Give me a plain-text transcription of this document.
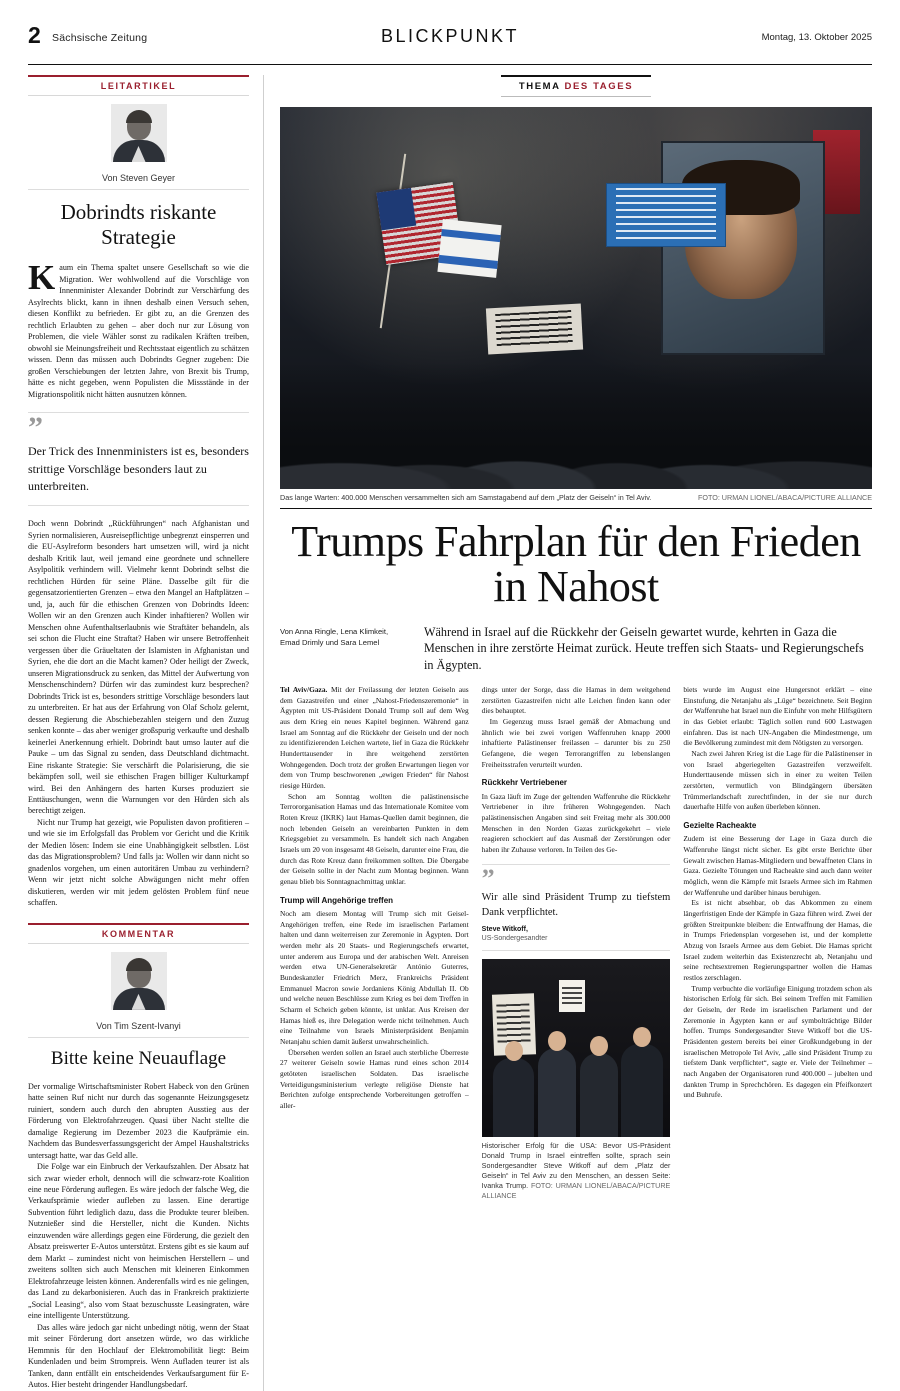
2 Sächsische Zeitung	BLICKPUNKT	Montag, 13. Oktober 2025
LEITARTIKEL
Von Steven Geyer
Dobrindts riskante Strategie

Kaum ein Thema spaltet unsere Gesellschaft so wie die Migration. Wer wohlwollend auf die Vorschläge von Innenminister Alexander Dobrindt zur Verschärfung des Asylrechts blickt, kann in ihnen deshalb einen Versuch sehen, diesen Konflikt zu befrieden. Er gibt zu, an die Grenzen des rechtlich Erlaubten zu gehen – aber doch nur zur Lösung von Problemen, die viele Wähler sonst zu radikalen Kräften treiben, obwohl sie Meinungsfreiheit und Rechtsstaat eigentlich zu schätzen wissen. Denn das müssen auch Dobrindts Gegner zugeben: Die großen Verschiebungen der letzten Jahre, von Brexit bis Trump, hätte es nicht gegeben, wenn Populisten die Missstände in der Migrationspolitik nicht hätten ausnutzen können.

”
Der Trick des Innenministers ist es, besonders strittige Vorschläge besonders laut zu unterbreiten.

Doch wenn Dobrindt „Rückführungen“ nach Afghanistan und Syrien normalisieren, Ausreisepflichtige unbegrenzt einsperren und die EU-Asylreform besonders hart umsetzen will, wird ja nicht deshalb Kritik laut, weil jemand eine geordnete und schnellere Asylpolitik verhindern will. Vielmehr kennt Dobrindt selbst die rechtlichen Hürden für seine Pläne. Dasselbe gilt für die gegensatzorientierten Grenzen – etwa den Mangel an Haftplätzen – und, ja, auch für die ethischen Grenzen von Dobrindts Ideen: Wollen wir an den Grenzen auch Kinder inhaftieren? Wollen wir Menschen ohne Aufenthaltserlaubnis wie Straftäter behandeln, als sei schon die Flucht eine Straftat? Haben wir unsere Betroffenheit vergessen über die Gräueltaten der Islamisten in Afghanistan und Syrien, ehe die dort an die Macht kamen? Oder heiligt der Zweck, unseren Migrationsdruck zu senken, das Mittel der Aufwertung von Menschenschindern? Dürfen wir das zumindest kurz besprechen? Dobrindts Trick ist es, besonders strittige Vorschläge besonders laut zu unterbreiten. Er hat aus der Erfahrung von Olaf Scholz gelernt, dessen Regierung die Abschiebezahlen steigern und den Zuzug senken konnte – das aber weniger großspurig verkaufte und deshalb keinerlei Anerkennung erhielt. Dobrindt baut umso lauter auf die Pauke – um das Signal zu senden, dass Deutschland dichtmacht. Eine riskante Strategie: Sie verschärft die Polarisierung, die sie bekämpfen soll, weil sie ethischen Fragen billiger Kulturkampf wird. Bei den Anhängern des harten Kurses produziert sie Enttäuschungen, wenn die Warnungen vor den Hürden sich als berechtigt zeigen.

Nicht nur Trump hat gezeigt, wie Populisten davon profitieren – und wie sie im Erfolgsfall das Problem vor Gericht und die Kritik der Medien lösen: Indem sie eine Unabhängigkeit selbstlen. Löst das das Migrationsproblem? Und falls ja: Wollen wir dann nicht so gnadenlos vorgehen, um einen autoritären Umbau zu verhindern? Wenn wir jetzt nicht solche Abwägungen nicht mehr offen diskutieren, werden wir mit jedem gelösten Problem fünf neue schaffen.

KOMMENTAR
Von Tim Szent-Ivanyi
Bitte keine Neuauflage

Der vormalige Wirtschaftsminister Robert Habeck von den Grünen hatte seinen Ruf nicht nur durch das sogenannte Heizungsgesetz ruiniert, sondern auch durch den abrupten Ausstieg aus der Förderung von Elektrofahrzeugen. Quasi über Nacht stellte die damalige Regierung im Dezember 2023 die Kaufprämie ein. Nachdem das Bundesverfassungsgericht der Ampel Haushaltstricks untersagt hatte, war das Geld alle.

Die Folge war ein Einbruch der Verkaufszahlen. Der Absatz hat sich zwar wieder erholt, dennoch will die schwarz-rote Koalition eine neue Förderung auflegen. Es wäre jedoch der falsche Weg, die Verkaufsprämie wieder aufleben zu lassen. Eine derartige Subvention führt lediglich dazu, dass die Produkte teurer bleiben. Nutznießer sind die Hersteller, nicht die Kunden. Nichts einzuwenden wäre allerdings gegen eine Förderung, die gezielt den Absatz preiswerter E-Autos unterstützt. Erstens gibt es sie kaum auf dem Markt – zumindest nicht von heimischen Herstellern – und zweitens sollten sich auch Menschen mit kleineren Einkommen Elektrofahrzeuge leisten können. Anderenfalls wird es nie gelingen, das Land zu dekarbonisieren. Auch das in Frankreich praktizierte „Social Leasing“, also vom Staat bezuschusste Leasingraten, wäre eine intelligente Unterstützung.

Das alles wäre jedoch gar nicht unbedingt nötig, wenn der Staat mit seiner Förderung dort ansetzen würde, wo das wirkliche Hemmnis für den Hochlauf der Elektromobilität liegt: Beim Kundenladen und beim Strompreis. Wenn Aufladen teurer ist als Tanken, dann entfällt ein entscheidendes Verkaufsargument für E-Autos. Hier besteht dringender Handlungsbedarf.

THEMA DES TAGES
Das lange Warten: 400.000 Menschen versammelten sich am Samstagabend auf dem „Platz der Geiseln“ in Tel Aviv.	FOTO: URMAN LIONEL/ABACA/PICTURE ALLIANCE
Trumps Fahrplan für den Frieden in Nahost
Von Anna Ringle, Lena Klimkeit, Emad Drimly und Sara Lemel
Während in Israel auf die Rückkehr der Geiseln gewartet wurde, kehrten in Gaza die Menschen in ihre zerstörte Heimat zurück. Heute treffen sich Staats- und Regierungschefs in Ägypten.

Tel Aviv/Gaza. Mit der Freilassung der letzten Geiseln aus dem Gazastreifen und einer „Nahost-Friedenszeremonie“ in Ägypten mit US-Präsident Donald Trump soll auf dem Weg aus dem Krieg ein neues Kapitel beginnen. Während ganz Israel am Sonntag auf die Rückkehr der Geiseln und der noch zu identifizierenden Leichen wartete, lief in Gaza die Rückkehr Hunderttausender in ihre weitgehend zerstörten Wohngegenden. Doch trotz der großen Erwartungen liegen vor dem von Trump beschworenen „ewigen Frieden“ für Nahost riesige Hürden.

Schon am Sonntag wollten die palästinensische Terrororganisation Hamas und das Internationale Komitee vom Roten Kreuz (IKRK) laut Hamas-Quellen damit beginnen, die noch lebenden Geiseln an vereinbarten Punkten in dem Kriegsgebiet zu versammeln. Es handelt sich nach Angaben Israels um 20 von insgesamt 48 Geiseln, darunter eine Frau, die durch das Rote Kreuz dann freikommen sollten. Die Übergabe der Geiseln sollte in der Nacht zum Montag beginnen. Wann genau blieb bis Sonntagnachmittag unklar.

Trump will Angehörige treffen

Noch am diesem Montag will Trump sich mit Geisel-Angehörigen treffen, eine Rede im israelischen Parlament halten und dann weiterreisen zur Zeremonie in Ägypten. Dort werden mehr als 20 Staats- und Regierungschefs erwartet, unter anderem aus Europa und der arabischen Welt. Anreisen werden etwa UN-Generalsekretär António Guterres, Bundeskanzler Friedrich Merz, Frankreichs Präsident Emmanuel Macron sowie Jordaniens König Abdullah II. Ob und welche neuen Beschlüsse zum Krieg es bei dem Treffen in Scharm el Scheich geben könnte, ist unklar. Aus Kreisen der Hamas hieß es, ihre Delegation werde nicht teilnehmen. Auch eine Teilnahme von Israels Ministerpräsident Benjamin Netanjahu schien damit äußerst unwahrscheinlich.

Übersehen werden sollen an Israel auch sterbliche Überreste 27 weiterer Geiseln sowie Hamas rund eines schon 2014 getöteten israelischen Soldaten. Das israelische Verteidigungsministerium verlegte religiöse Dienste hat Berichten zufolge entsprechende Vorbereitungen getroffen – aller-

dings unter der Sorge, dass die Hamas in dem weitgehend zerstörten Gazastreifen nicht alle Leichen finden kann oder dies behauptet.

Im Gegenzug muss Israel gemäß der Abmachung und ähnlich wie bei zwei vorigen Waffenruhen knapp 2000 inhaftierte Palästinenser freilassen – darunter bis zu 250 Gefangene, die wegen Terrorangriffen zu lebenslangen Freiheitsstrafen verurteilt wurden.

Rückkehr Vertriebener

In Gaza läuft im Zuge der geltenden Waffenruhe die Rückkehr Vertriebener in ihre früheren Wohngegenden. Nach palästinensischen Angaben sind seit Freitag mehr als 300.000 Menschen in den Norden Gazas zurückgekehrt – viele reagieren schockiert auf das Ausmaß der Zerstörungen oder haben ihr Zuhause verloren. In Teilen des Ge-

”
Wir alle sind Präsident Trump zu tiefstem Dank verpflichtet.
Steve Witkoff,
US-Sondergesandter
Historischer Erfolg für die USA: Bevor US-Präsident Donald Trump in Israel eintreffen sollte, sprach sein Sondergesandter Steve Witkoff auf dem „Platz der Geiseln“ in Tel Aviv zu den Menschen, an dessen Seite: Ivanka Trump. FOTO: URMAN LIONEL/ABACA/PICTURE ALLIANCE

biets wurde im August eine Hungersnot erklärt – eine Einstufung, die Netanjahu als „Lüge“ bezeichnete. Seit Beginn der Waffenruhe hat Israel nun die Einfuhr von mehr Hilfsgütern in das Gebiet erlaubt: Täglich sollen rund 600 Lastwagen einfahren. Das ist nach UN-Angaben die Mindestmenge, um die Bevölkerung zumindest mit dem Nötigsten zu versorgen.

Nach zwei Jahren Krieg ist die Lage für die Palästinenser in von Israel abgeriegelten Gazastreifen verzweifelt. Hunderttausende müssen sich in einer zu weiten Teilen zerstörten, vermutlich von Blindgängern übersäten Trümmerlandschaft zurechtfinden, in der sie nur durch dauerhafte Hilfe von außen überleben können.

Gezielte Racheakte

Zudem ist eine Besserung der Lage in Gaza durch die Waffenruhe längst nicht sicher. Es gibt erste Berichte über Gewalt zwischen Hamas-Mitgliedern und bewaffneten Clans in Gaza. Gezielte Tötungen und Racheakte sind auch dann weiter möglich, wenn die Kämpfe mit Israels Armee sich im Rahmen der Waffenruhe und darüber hinaus beruhigen.

Es ist nicht absehbar, ob das Abkommen zu einem längerfristigen Ende der Kämpfe in Gaza führen wird. Zwei der größten Streitpunkte bleiben: die Entwaffnung der Hamas, die in Trumps Friedensplan vorgesehen ist, und der komplette Abzug von Israels Armee aus dem Gebiet. Die Hamas spricht Israel zudem weiterhin das Existenzrecht ab, Netanjahu und seine rechtsextremen Regierungspartner wollen die Hamas restlos zerschlagen.

Trump verbuchte die vorläufige Einigung trotzdem schon als historischen Erfolg für sich. Bei seinem Treffen mit Familien der Geiseln, der Rede im israelischen Parlament und der Zeremonie in Ägypten kann er auf symbolträchtige Bilder hoffen. Trumps Sondergesandter Steve Witkoff bot die US-Präsidenten gestern bereits bei einer Großkundgebung in der israelischen Metropole Tel Aviv, „alle sind Präsident Trump zu tiefstem Dank verpflichtet“, sagte er. Viele der Teilnehmer – nach Angaben der Organisatoren rund 400.000 – jubelten und dankten Trump in Sprechchören. Es dagegen ein Pfeifkonzert und Buhrufe.
